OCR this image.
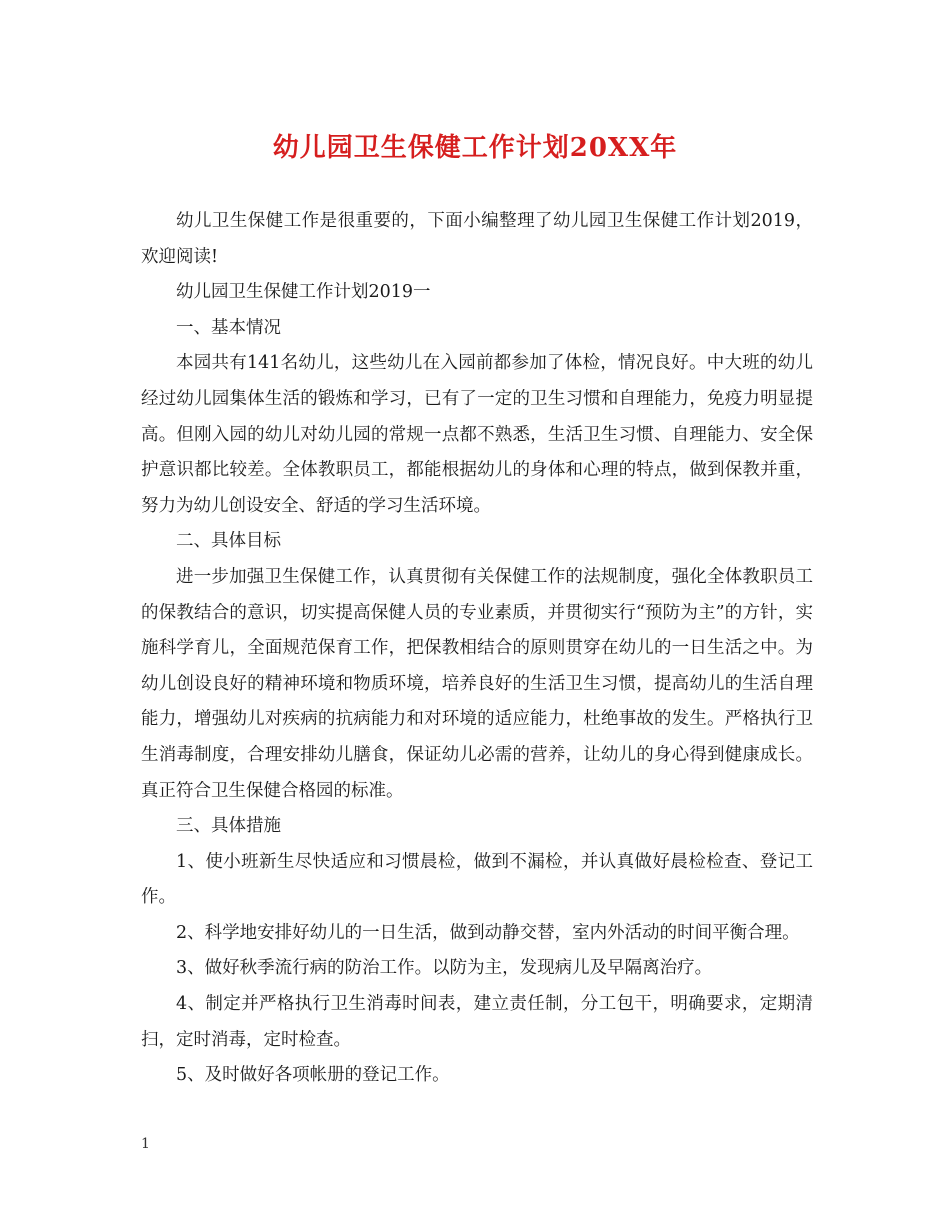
幼儿园卫生保健工作计划20XX年

幼儿卫生保健工作是很重要的，下面小编整理了幼儿园卫生保健工作计划2019，欢迎阅读!

幼儿园卫生保健工作计划2019一

一、基本情况

本园共有141名幼儿，这些幼儿在入园前都参加了体检，情况良好。中大班的幼儿经过幼儿园集体生活的锻炼和学习，已有了一定的卫生习惯和自理能力，免疫力明显提高。但刚入园的幼儿对幼儿园的常规一点都不熟悉，生活卫生习惯、自理能力、安全保护意识都比较差。全体教职员工，都能根据幼儿的身体和心理的特点，做到保教并重，努力为幼儿创设安全、舒适的学习生活环境。

二、具体目标

进一步加强卫生保健工作，认真贯彻有关保健工作的法规制度，强化全体教职员工的保教结合的意识，切实提高保健人员的专业素质，并贯彻实行“预防为主”的方针，实施科学育儿，全面规范保育工作，把保教相结合的原则贯穿在幼儿的一日生活之中。为幼儿创设良好的精神环境和物质环境，培养良好的生活卫生习惯，提高幼儿的生活自理能力，增强幼儿对疾病的抗病能力和对环境的适应能力，杜绝事故的发生。严格执行卫生消毒制度，合理安排幼儿膳食，保证幼儿必需的营养，让幼儿的身心得到健康成长。真正符合卫生保健合格园的标准。

三、具体措施

1、使小班新生尽快适应和习惯晨检，做到不漏检，并认真做好晨检检查、登记工作。

2、科学地安排好幼儿的一日生活，做到动静交替，室内外活动的时间平衡合理。

3、做好秋季流行病的防治工作。以防为主，发现病儿及早隔离治疗。

4、制定并严格执行卫生消毒时间表，建立责任制，分工包干，明确要求，定期清扫，定时消毒，定时检查。

5、及时做好各项帐册的登记工作。

1
